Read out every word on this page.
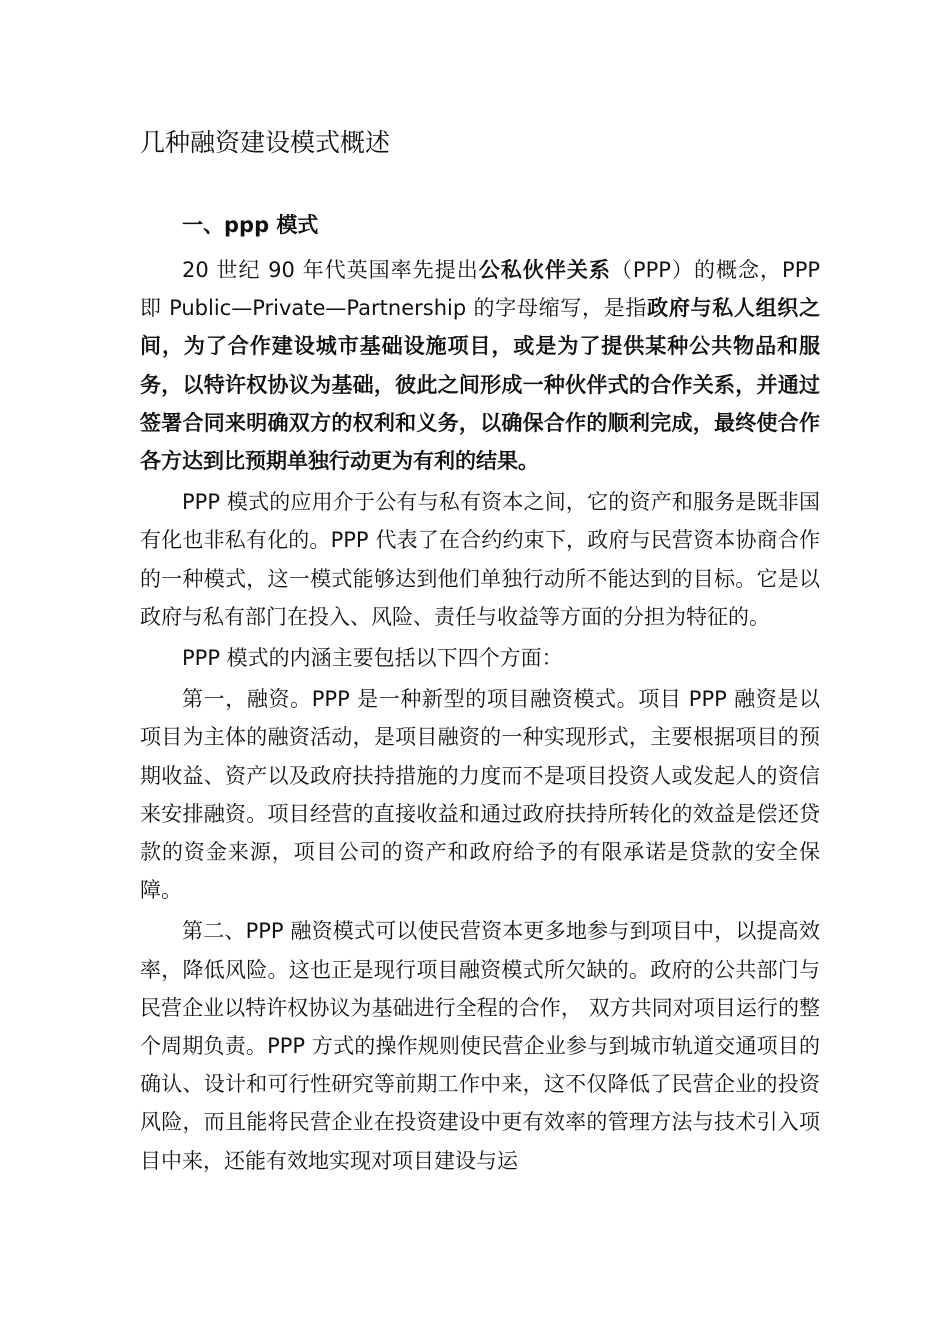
几种融资建设模式概述
一、ppp 模式

20 世纪 90 年代英国率先提出公私伙伴关系（PPP）的概念，PPP 即 Public—Private—Partnership 的字母缩写，是指政府与私人组织之间，为了合作建设城市基础设施项目，或是为了提供某种公共物品和服务，以特许权协议为基础，彼此之间形成一种伙伴式的合作关系，并通过签署合同来明确双方的权利和义务，以确保合作的顺利完成，最终使合作各方达到比预期单独行动更为有利的结果。

PPP 模式的应用介于公有与私有资本之间，它的资产和服务是既非国有化也非私有化的。PPP 代表了在合约约束下，政府与民营资本协商合作的一种模式，这一模式能够达到他们单独行动所不能达到的目标。它是以政府与私有部门在投入、风险、责任与收益等方面的分担为特征的。

PPP 模式的内涵主要包括以下四个方面：

第一，融资。PPP 是一种新型的项目融资模式。项目 PPP 融资是以项目为主体的融资活动，是项目融资的一种实现形式，主要根据项目的预期收益、资产以及政府扶持措施的力度而不是项目投资人或发起人的资信来安排融资。项目经营的直接收益和通过政府扶持所转化的效益是偿还贷款的资金来源，项目公司的资产和政府给予的有限承诺是贷款的安全保障。

第二、PPP 融资模式可以使民营资本更多地参与到项目中，以提高效率，降低风险。这也正是现行项目融资模式所欠缺的。政府的公共部门与民营企业以特许权协议为基础进行全程的合作， 双方共同对项目运行的整个周期负责。PPP 方式的操作规则使民营企业参与到城市轨道交通项目的确认、设计和可行性研究等前期工作中来，这不仅降低了民营企业的投资风险，而且能将民营企业在投资建设中更有效率的管理方法与技术引入项目中来，还能有效地实现对项目建设与运
